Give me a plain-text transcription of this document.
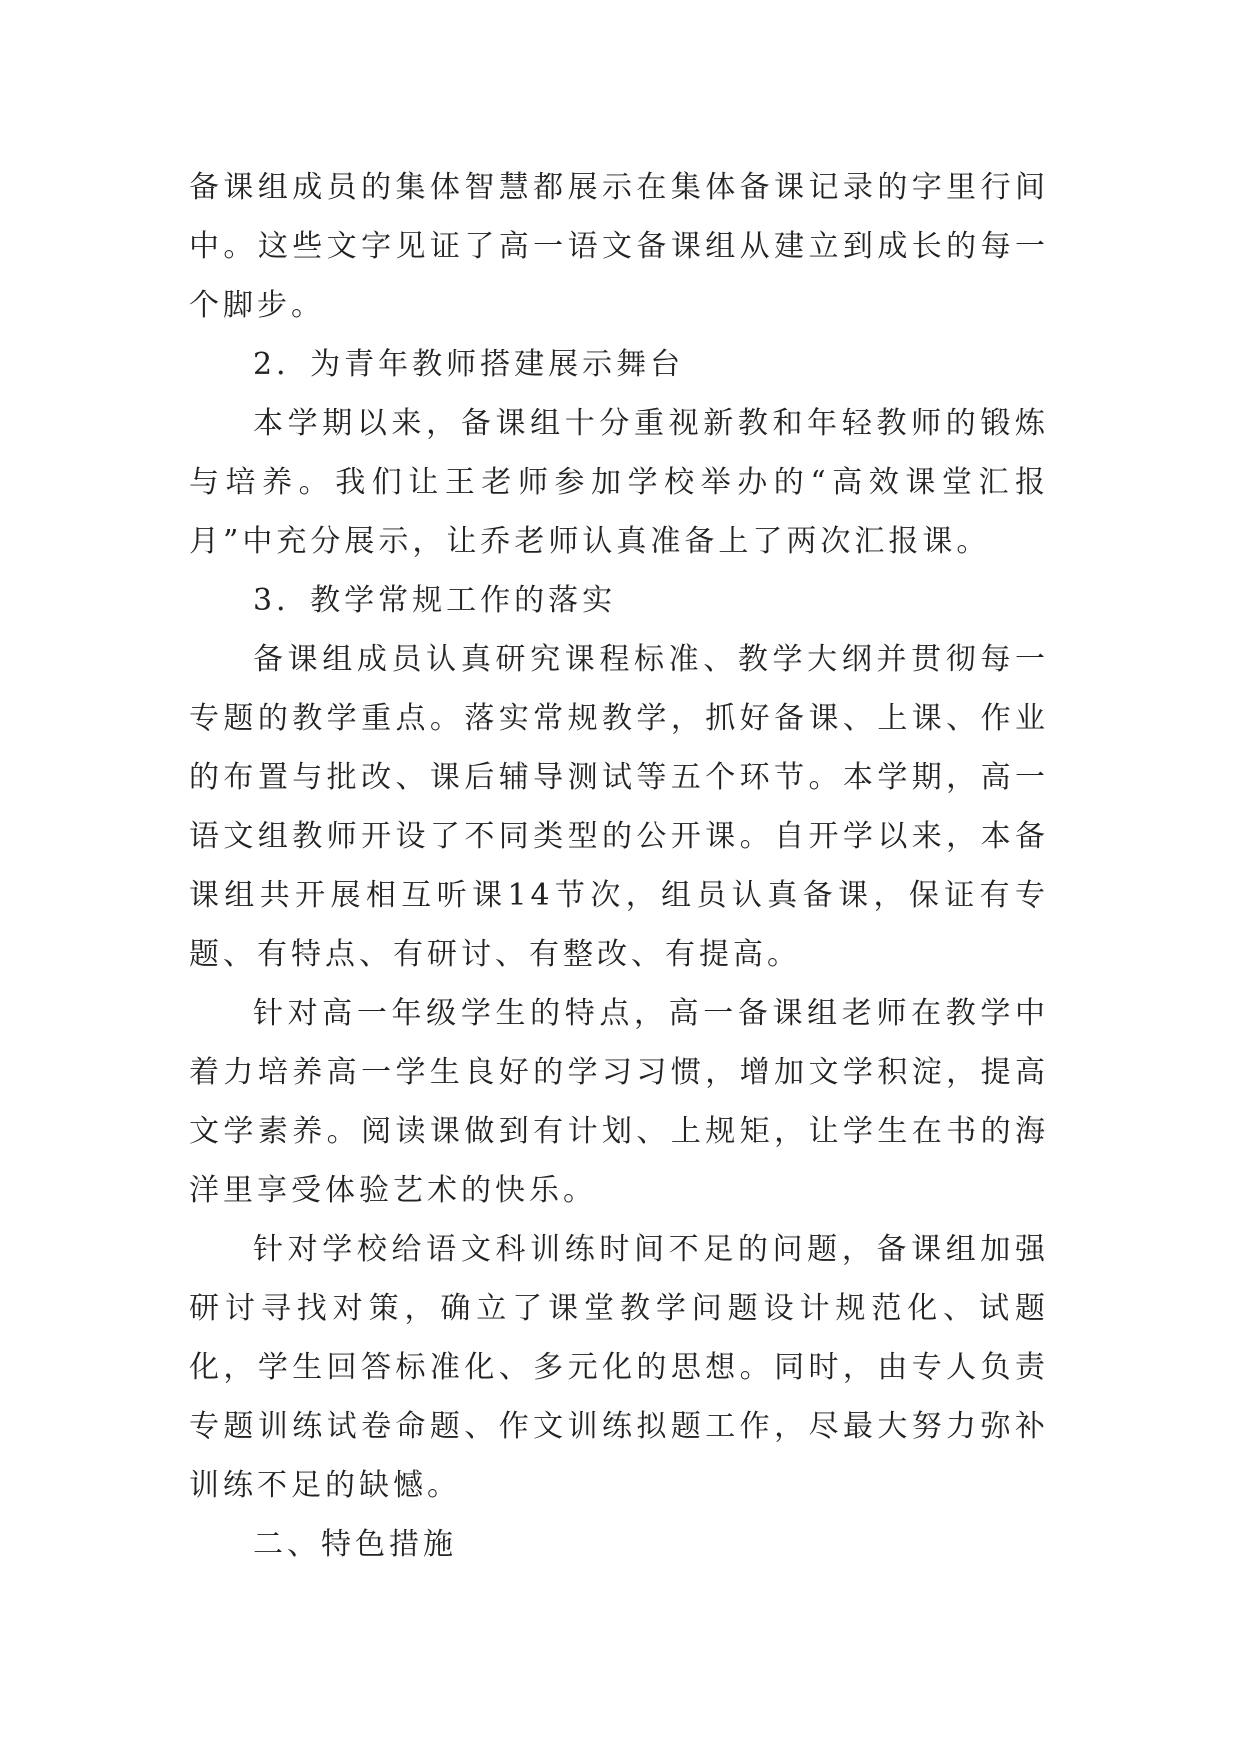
备课组成员的集体智慧都展示在集体备课记录的字里行间中。这些文字见证了高一语文备课组从建立到成长的每一个脚步。

2．为青年教师搭建展示舞台

本学期以来，备课组十分重视新教和年轻教师的锻炼与培养。我们让王老师参加学校举办的“高效课堂汇报月”中充分展示，让乔老师认真准备上了两次汇报课。

3．教学常规工作的落实

备课组成员认真研究课程标准、教学大纲并贯彻每一专题的教学重点。落实常规教学，抓好备课、上课、作业的布置与批改、课后辅导测试等五个环节。本学期，高一语文组教师开设了不同类型的公开课。自开学以来，本备课组共开展相互听课14节次，组员认真备课，保证有专题、有特点、有研讨、有整改、有提高。

针对高一年级学生的特点，高一备课组老师在教学中着力培养高一学生良好的学习习惯，增加文学积淀，提高文学素养。阅读课做到有计划、上规矩，让学生在书的海洋里享受体验艺术的快乐。

针对学校给语文科训练时间不足的问题，备课组加强研讨寻找对策，确立了课堂教学问题设计规范化、试题化，学生回答标准化、多元化的思想。同时，由专人负责专题训练试卷命题、作文训练拟题工作，尽最大努力弥补训练不足的缺憾。

二、特色措施
